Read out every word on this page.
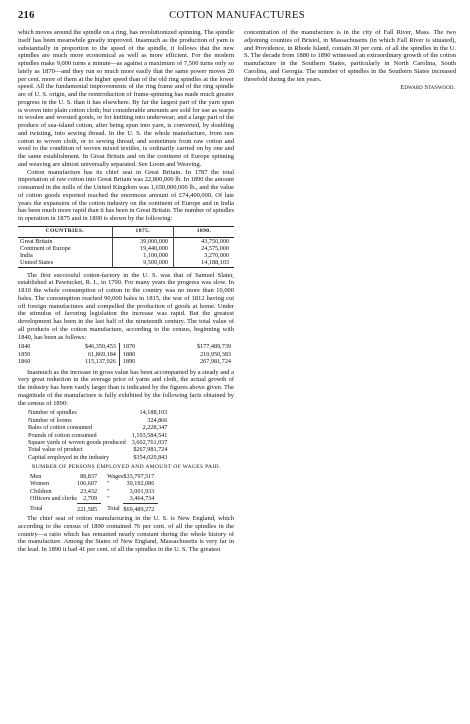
216	COTTON MANUFACTURES

which moves around the spindle on a ring, has revolutionized spinning. The spindle itself has been meanwhile greatly improved. Inasmuch as the production of yarn is substantially in proportion to the speed of the spindle, it follows that the new spindles are much more economical as well as more efficient. For the modern spindles make 9,000 turns a minute—as against a maximum of 7,500 turns only so lately as 1870—and they run so much more easily that the same power moves 20 per cent. more of them at the higher speed than of the old ring spindles at the lower speed. All the fundamental improvements of the ring frame and of the ring spindle are of U. S. origin, and the reintroduction of frame-spinning has made much greater progress in the U. S. than it has elsewhere. By far the largest part of the yarn spun is woven into plain cotton cloth; but considerable amounts are sold for use as warps in woolen and worsted goods, or for knitting into underwear; and a large part of the produce of sea-island cotton, after being spun into yarn, is converted, by doubling and twisting, into sewing thread. In the U. S. the whole manufacture, from raw cotton to woven cloth, or to sewing thread, and sometimes from raw cotton and wool to the condition of woven mixed textiles, is ordinarily carried on by one and the same establishment. In Great Britain and on the continent of Europe spinning and weaving are almost universally separated. See Loom and Weaving.

Cotton manufacture has its chief seat in Great Britain. In 1787 the total importation of raw cotton into Great Britain was 22,800,000 lb. In 1890 the amount consumed in the mills of the United Kingdom was 1,650,000,000 lb., and the value of cotton goods exported reached the enormous amount of £74,400,000. Of late years the expansion of the cotton industry on the continent of Europe and in India has been much more rapid than it has been in Great Britain. The number of spindles in operation in 1875 and in 1890 is shown by the following:

COUNTRIES.	1875.	1890.
Great Britain	39,000,000	43,750,000
Continent of Europe	19,440,000	24,575,000
India	1,100,000	3,270,000
United States	9,500,000	14,188,103

The first successful cotton-factory in the U. S. was that of Samuel Slater, established at Pawtucket, R. I., in 1790. For many years the progress was slow. In 1810 the whole consumption of cotton in the country was no more than 10,000 bales. The consumption reached 90,000 bales in 1815, the war of 1812 having cut off foreign manufactures and compelled the production of goods at home. Under the stimulus of favoring legislation the increase was rapid. But the greatest development has been in the last half of the nineteenth century. The total value of all products of the cotton manufacture, according to the census, beginning with 1840, has been as follows:

1840	$46,350,453	1870	$177,489,739
1850	61,869,184	1880	210,950,383
1860	115,137,926	1890	267,981,724

Inasmuch as the increase in gross value has been accompanied by a steady and a very great reduction in the average price of yarns and cloth, the actual growth of the industry has been vastly larger than is indicated by the figures above given. The magnitude of the manufacture is fully exhibited by the following facts obtained by the census of 1890:

Number of spindles	14,188,103
Number of looms	324,866
Bales of cotton consumed	2,228,347
Pounds of cotton consumed	1,193,584,541
Square yards of woven goods produced	3,602,761,037
Total value of product	$267,981,724
Capital employed in the industry	$354,020,843
NUMBER OF PERSONS EMPLOYED AND AMOUNT OF WAGES PAID.
Men	88,837	Wages	$33,797,517
Women	106,607	"	30,192,086
Children	23,432	"	3,001,933
Officers and clerks	2,709	"	3,464,734
Total	221,585	Total	$69,489,272

The chief seat of cotton manufacturing in the U. S. is New England, which according to the census of 1890 contained 76 per cent. of all the spindles in the country—a ratio which has remained nearly constant during the whole history of the manufacture. Among the States of New England, Massachusetts is very far in the lead. In 1890 it had 41 per cent. of all the spindles in the U. S. The greatest

concentration of the manufacture is in the city of Fall River, Mass. The two adjoining counties of Bristol, in Massachusetts (in which Fall River is situated), and Providence, in Rhode Island, contain 30 per cent. of all the spindles in the U. S. The decade from 1880 to 1890 witnessed an extraordinary growth of the cotton manufacture in the Southern States, particularly in North Carolina, South Carolina, and Georgia. The number of spindles in the Southern States increased threefold during the ten years.

Edward Stanwood.
